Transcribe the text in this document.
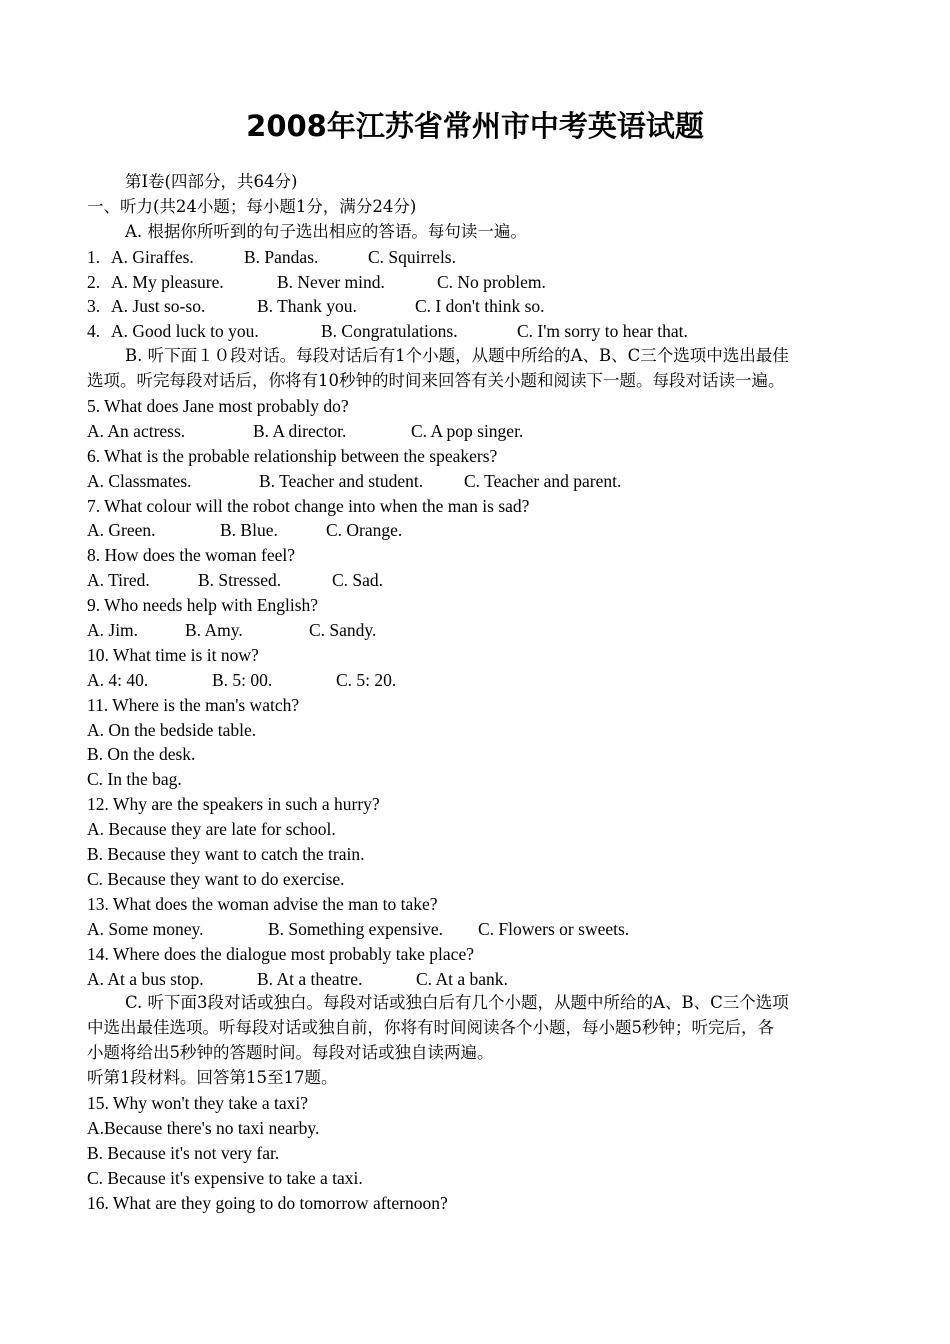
2008年江苏省常州市中考英语试题
第Ⅰ卷(四部分，共64分)
一、听力(共24小题；每小题1分，满分24分)
A. 根据你所听到的句子选出相应的答语。每句读一遍。
1. A. Giraffes.	B. Pandas.	C. Squirrels.
2. A. My pleasure.	B. Never mind.	C. No problem.
3. A. Just so-so.	B. Thank you.	C. I don't think so.
4. A. Good luck to you.	B. Congratulations.	C. I'm sorry to hear that.
B. 听下面１０段对话。每段对话后有1个小题，从题中所给的A、B、C三个选项中选出最佳
选项。听完每段对话后，你将有10秒钟的时间来回答有关小题和阅读下一题。每段对话读一遍。
5. What does Jane most probably do?
A. An actress.	B. A director.	C. A pop singer.
6. What is the probable relationship between the speakers?
A. Classmates.	B. Teacher and student.	C. Teacher and parent.
7. What colour will the robot change into when the man is sad?
A. Green.	B. Blue.	C. Orange.
8. How does the woman feel?
A. Tired.	B. Stressed.	C. Sad.
9. Who needs help with English?
A. Jim.	B. Amy.	C. Sandy.
10. What time is it now?
A. 4: 40.	B. 5: 00.	C. 5: 20.
11. Where is the man's watch?
A. On the bedside table.
B. On the desk.
C. In the bag.
12. Why are the speakers in such a hurry?
A. Because they are late for school.
B. Because they want to catch the train.
C. Because they want to do exercise.
13. What does the woman advise the man to take?
A. Some money.	B. Something expensive.	C. Flowers or sweets.
14. Where does the dialogue most probably take place?
A. At a bus stop.	B. At a theatre.	C. At a bank.
C. 听下面3段对话或独白。每段对话或独白后有几个小题，从题中所给的A、B、C三个选项
中选出最佳选项。听每段对话或独自前，你将有时间阅读各个小题，每小题5秒钟；听完后，各
小题将给出5秒钟的答题时间。每段对话或独自读两遍。
听第1段材料。回答第15至17题。
15. Why won't they take a taxi?
A.Because there's no taxi nearby.
B. Because it's not very far.
C. Because it's expensive to take a taxi.
16. What are they going to do tomorrow afternoon?
